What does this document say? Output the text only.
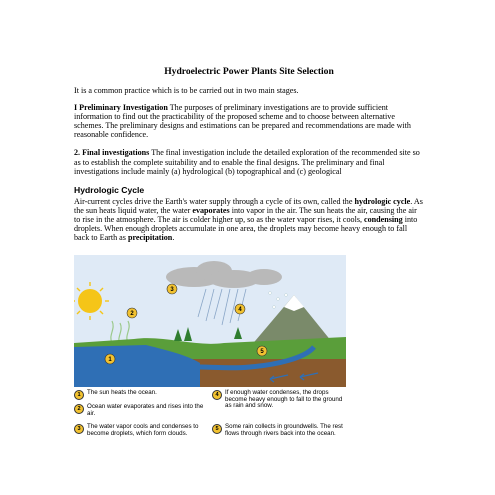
Hydroelectric Power Plants Site Selection

It is a common practice which is to be carried out in two main stages.

I Preliminary Investigation The purposes of preliminary investigations are to provide sufficient information to find out the practicability of the proposed scheme and to choose between alternative schemes. The preliminary designs and estimations can be prepared and recommendations are made with reasonable confidence.

2. Final investigations The final investigation include the detailed exploration of the recommended site so as to establish the complete suitability and to enable the final designs. The preliminary and final investigations include mainly (a) hydrological (b) topographical and (c) geological

Hydrologic Cycle

Air-current cycles drive the Earth's water supply through a cycle of its own, called the hydrologic cycle. As the sun heats liquid water, the water evaporates into vapor in the air. The sun heats the air, causing the air to rise in the atmosphere. The air is colder higher up, so as the water vapor rises, it cools, condensing into droplets. When enough droplets accumulate in one area, the droplets may become heavy enough to fall back to Earth as precipitation.

1
2
3
4
5
1	The sun heats the ocean.
2	Ocean water evaporates and rises into the air.
3	The water vapor cools and condenses to become droplets, which form clouds.
4	If enough water condenses, the drops become heavy enough to fall to the ground as rain and snow.
5	Some rain collects in groundwells. The rest flows through rivers back into the ocean.
